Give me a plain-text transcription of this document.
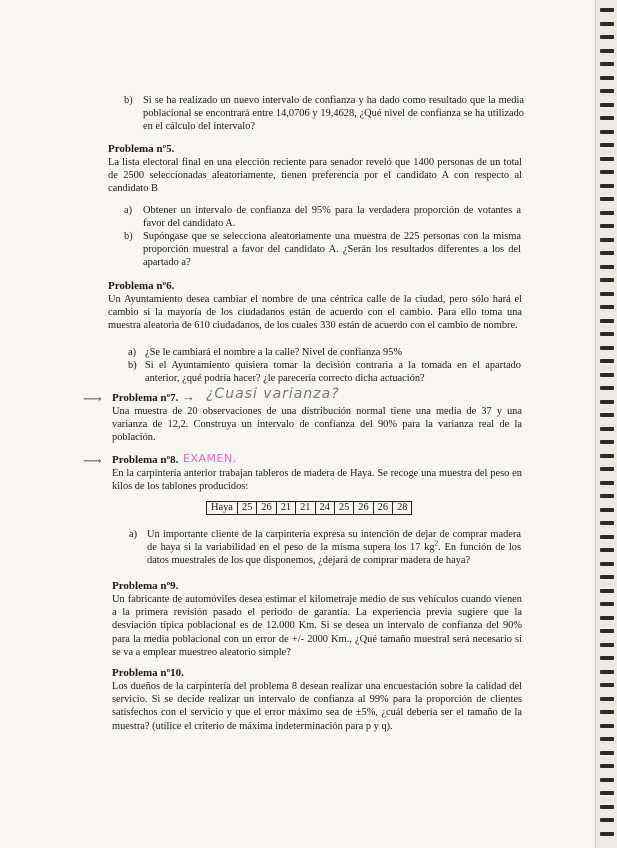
b) Si se ha realizado un nuevo intervalo de confianza y ha dado como resultado que la media poblacional se encontrará entre 14,0706 y 19,4628, ¿Qué nivel de confianza se ha utilizado en el cálculo del intervalo?
Problema nº5.
La lista electoral final en una elección reciente para senador reveló que 1400 personas de un total de 2500 seleccionadas aleatoriamente, tienen preferencia por el candidato A con respecto al candidato B
a) Obtener un intervalo de confianza del 95% para la verdadera proporción de votantes a favor del candidato A.
b) Supóngase que se selecciona aleatoriamente una muestra de 225 personas con la misma proporción muestral a favor del candidato A. ¿Serán los resultados diferentes a los del apartado a?
Problema nº6.
Un Ayuntamiento desea cambiar el nombre de una céntrica calle de la ciudad, pero sólo hará el cambio si la mayoría de los ciudadanos están de acuerdo con el cambio. Para ello toma una muestra aleatoria de 610 ciudadanos, de los cuales 330 están de acuerdo con el cambio de nombre.
a) ¿Se le cambiará el nombre a la calle? Nivel de confianza 95%
b) Si el Ayuntamiento quisiera tomar la decisión contraria a la tomada en el apartado anterior, ¿qué podría hacer? ¿le parecería correcto dicha actuación?
⟶ Problema nº7. → ¿Cuasi varianza?
Una muestra de 20 observaciones de una distribución normal tiene una media de 37 y una varianza de 12,2. Construya un intervalo de confianza del 90% para la varianza real de la población.
⟶ Problema nº8. EXAMEN.
En la carpintería anterior trabajan tableros de madera de Haya. Se recoge una muestra del peso en kilos de los tablones producidos:
Haya	25	26	21	21	24	25	26	26	28
a) Un importante cliente de la carpintería expresa su intención de dejar de comprar madera de haya si la variabilidad en el peso de la misma supera los 17 $kg^2$. En función de los datos muestrales de los que disponemos, ¿dejará de comprar madera de haya?
Problema nº9.
Un fabricante de automóviles desea estimar el kilometraje medio de sus vehículos cuando vienen a la primera revisión pasado el periodo de garantía. La experiencia previa sugiere que la desviación típica poblacional es de 12.000 Km. Si se desea un intervalo de confianza del 90% para la media poblacional con un error de +/- 2000 Km., ¿Qué tamaño muestral será necesario si se va a emplear muestreo aleatorio simple?
Problema nº10.
Los dueños de la carpintería del problema 8 desean realizar una encuestación sobre la calidad del servicio. Si se decide realizar un intervalo de confianza al 99% para la proporción de clientes satisfechos con el servicio y que el error máximo sea de ±5%, ¿cuál debería ser el tamaño de la muestra? (utilice el criterio de máxima indeterminación para p y q).
